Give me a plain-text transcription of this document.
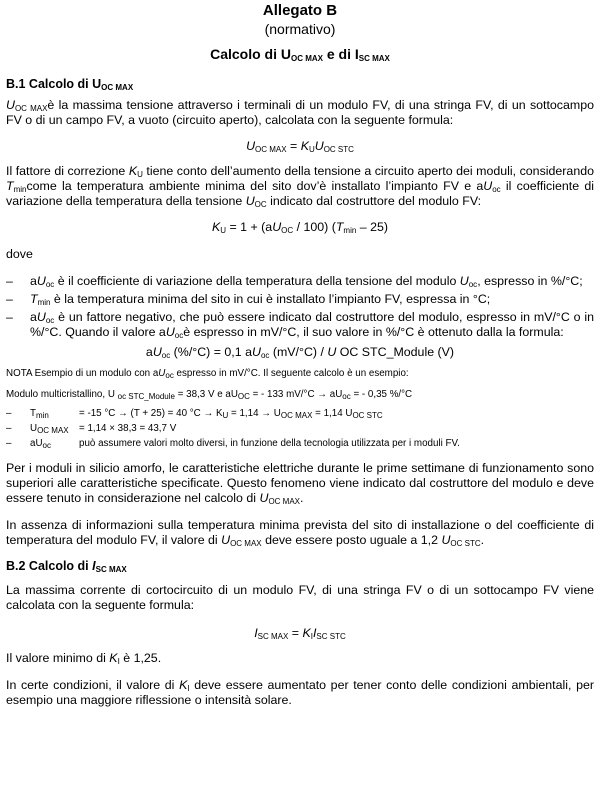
Allegato B
(normativo)
Calcolo di $U_{OC MAX}$ e di $I_{SC MAX}$
B.1 Calcolo di $U_{OC MAX}$
$U_{OC MAX}è$ la massima tensione attraverso i terminali di un modulo FV, di una stringa FV, di un sottocampo FV o di un campo FV, a vuoto (circuito aperto), calcolata con la seguente formula:
$U_{OC MAX} = K_UU_{OC STC}$
Il fattore di correzione $K_U$ tiene conto dell’aumento della tensione a circuito aperto dei moduli, considerando $T_{min}come$ la temperatura ambiente minima del sito dov’è installato l’impianto FV e $aU_{oc}$ il coefficiente di variazione della temperatura della tensione $U_{OC}$ indicato dal costruttore del modulo FV:
$K_U = 1 + (aU_{OC} / 100)$ $(T_{min} - 25)$
dove
– $aU_{oc}$ è il coefficiente di variazione della temperatura della tensione del modulo $U_{oc}$, espresso in %/°C;
– $T_{min}$ è la temperatura minima del sito in cui è installato l’impianto FV, espressa in °C;
– $aU_{oc}$ è un fattore negativo, che può essere indicato dal costruttore del modulo, espresso in mV/°C o in %/°C. Quando il valore $aU_{oc}è$ espresso in mV/°C, il suo valore in %/°C è ottenuto dalla la formula:
$aU_{oc}$ (%/°C) = 0,1 $aU_{oc}$ (mV/°C) / U OC STC_Module (V)
NOTA Esempio di un modulo con $aU_{oc}$ espresso in mV/°C. Il seguente calcolo è un esempio:
Modulo multicristallino, U $_{oc STC\_Module}$ = 38,3 V e $aU_{OC}$ = - 133 $mV/^\circ C \to aU_{oc}$ = - 0,35 %/°C
– $T_{min}$	= -15 °C → (T + 25) = 40 $^\circ C \to K_U = 1,14 \to U_{OC MAX} = 1,14$ $U_{OC STC}$
– $U_{OC MAX} = 1,14 \times 38,3 = 43,7$ V
– $aU_{oc}$	può assumere valori molto diversi, in funzione della tecnologia utilizzata per i moduli FV.
Per i moduli in silicio amorfo, le caratteristiche elettriche durante le prime settimane di funzionamento sono superiori alle caratteristiche specificate. Questo fenomeno viene indicato dal costruttore del modulo e deve essere tenuto in considerazione nel calcolo di $U_{OC MAX}$.
In assenza di informazioni sulla temperatura minima prevista del sito di installazione o del coefficiente di temperatura del modulo FV, il valore di $U_{OC MAX}$ deve essere posto uguale a 1,2 $U_{OC STC}$.
B.2 Calcolo di $I_{SC MAX}$
La massima corrente di cortocircuito di un modulo FV, di una stringa FV o di un sottocampo FV viene calcolata con la seguente formula:
$I_{SC MAX} = K_II_{SC STC}$
Il valore minimo di $K_I$ è 1,25.
In certe condizioni, il valore di $K_I$ deve essere aumentato per tener conto delle condizioni ambientali, per esempio una maggiore riflessione o intensità solare.
